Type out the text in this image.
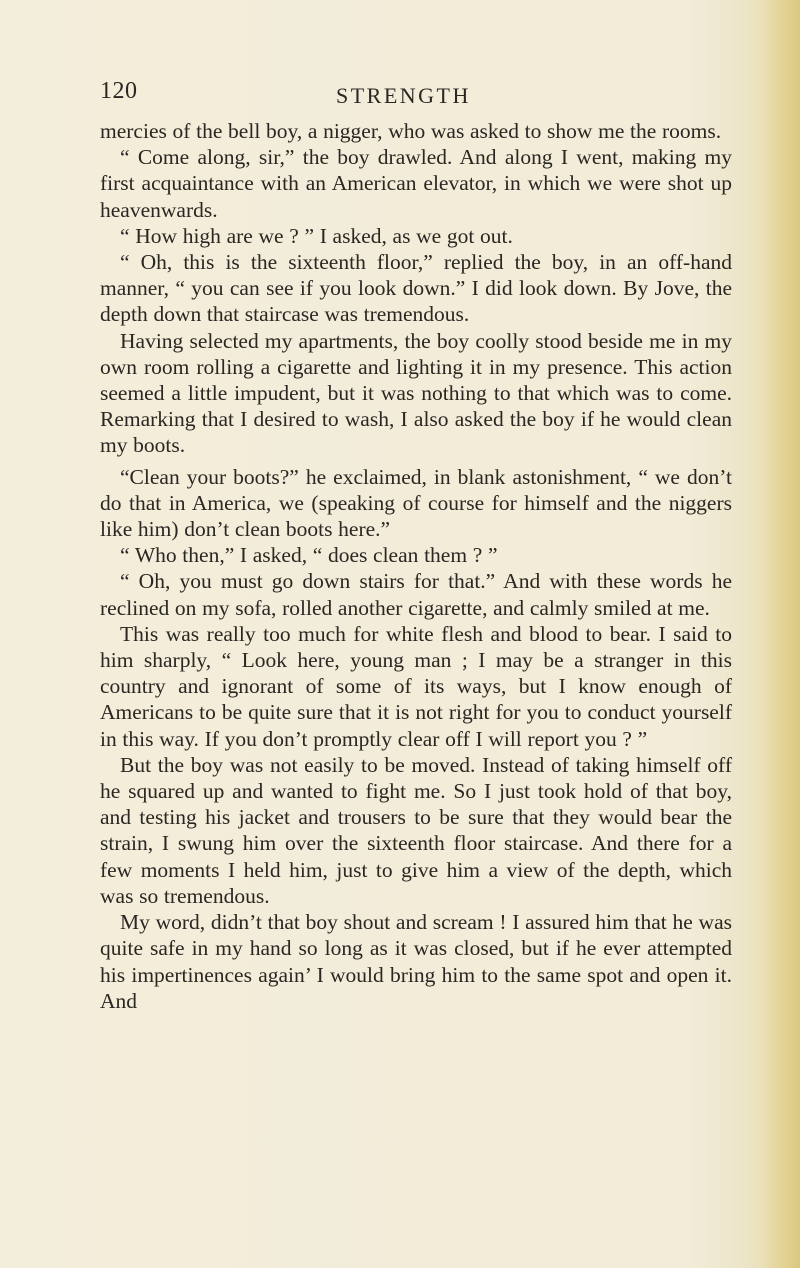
120	STRENGTH

mercies of the bell boy, a nigger, who was asked to show me the rooms.

“ Come along, sir,” the boy drawled. And along I went, making my first acquaintance with an American elevator, in which we were shot up heavenwards.

“ How high are we ? ” I asked, as we got out.

“ Oh, this is the sixteenth floor,” replied the boy, in an off-hand manner, “ you can see if you look down.” I did look down. By Jove, the depth down that staircase was tremendous.

Having selected my apartments, the boy coolly stood beside me in my own room rolling a cigarette and lighting it in my presence. This action seemed a little impudent, but it was nothing to that which was to come. Remarking that I desired to wash, I also asked the boy if he would clean my boots.

“Clean your boots?” he exclaimed, in blank astonishment, “ we don’t do that in America, we (speaking of course for himself and the niggers like him) don’t clean boots here.”

“ Who then,” I asked, “ does clean them ? ”

“ Oh, you must go down stairs for that.” And with these words he reclined on my sofa, rolled another cigarette, and calmly smiled at me.

This was really too much for white flesh and blood to bear. I said to him sharply, “ Look here, young man ; I may be a stranger in this country and ignorant of some of its ways, but I know enough of Americans to be quite sure that it is not right for you to conduct yourself in this way. If you don’t promptly clear off I will report you ? ”

But the boy was not easily to be moved. Instead of taking himself off he squared up and wanted to fight me. So I just took hold of that boy, and testing his jacket and trousers to be sure that they would bear the strain, I swung him over the sixteenth floor staircase. And there for a few moments I held him, just to give him a view of the depth, which was so tremendous.

My word, didn’t that boy shout and scream ! I assured him that he was quite safe in my hand so long as it was closed, but if he ever attempted his impertinences again’ I would bring him to the same spot and open it. And
